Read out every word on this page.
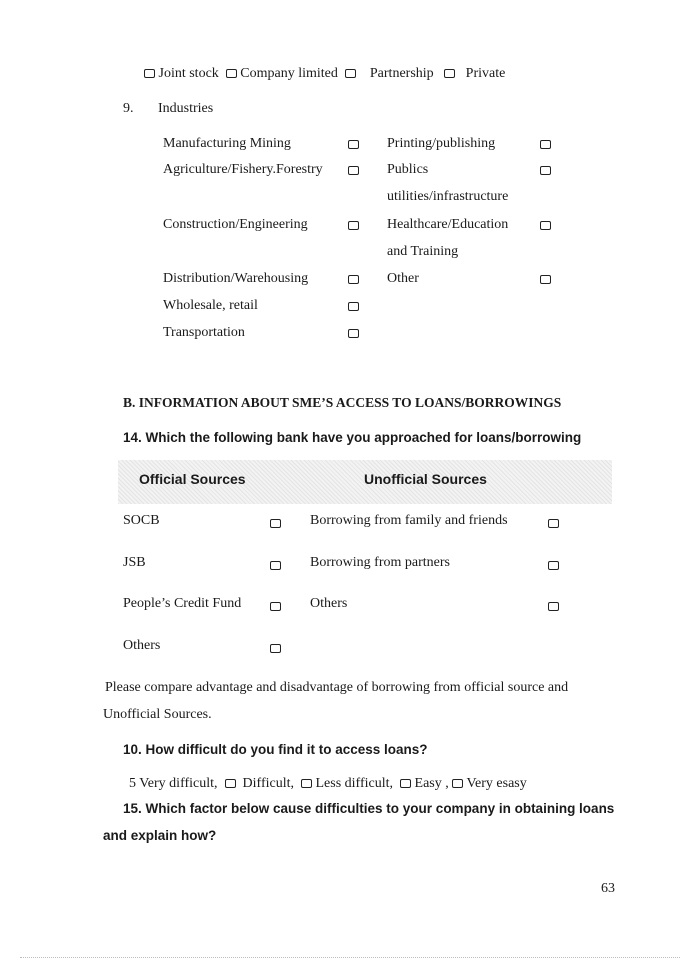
Joint stock Company limited Partnership Private
9. Industries
Manufacturing Mining
Agriculture/Fishery.Forestry
Construction/Engineering
Distribution/Warehousing
Wholesale, retail
Transportation
Printing/publishing
Publics
utilities/infrastructure
Healthcare/Education
and Training
Other
B. INFORMATION ABOUT SME’S ACCESS TO LOANS/BORROWINGS
14. Which the following bank have you approached for loans/borrowing
Official Sources	Unofficial Sources
SOCB
JSB
People’s Credit Fund
Others
Borrowing from family and friends
Borrowing from partners
Others
Please compare advantage and disadvantage of borrowing from official source and
Unofficial Sources.
10. How difficult do you find it to access loans?
5 Very difficult, Difficult, Less difficult, Easy , Very esasy
15. Which factor below cause difficulties to your company in obtaining loans
and explain how?
63
